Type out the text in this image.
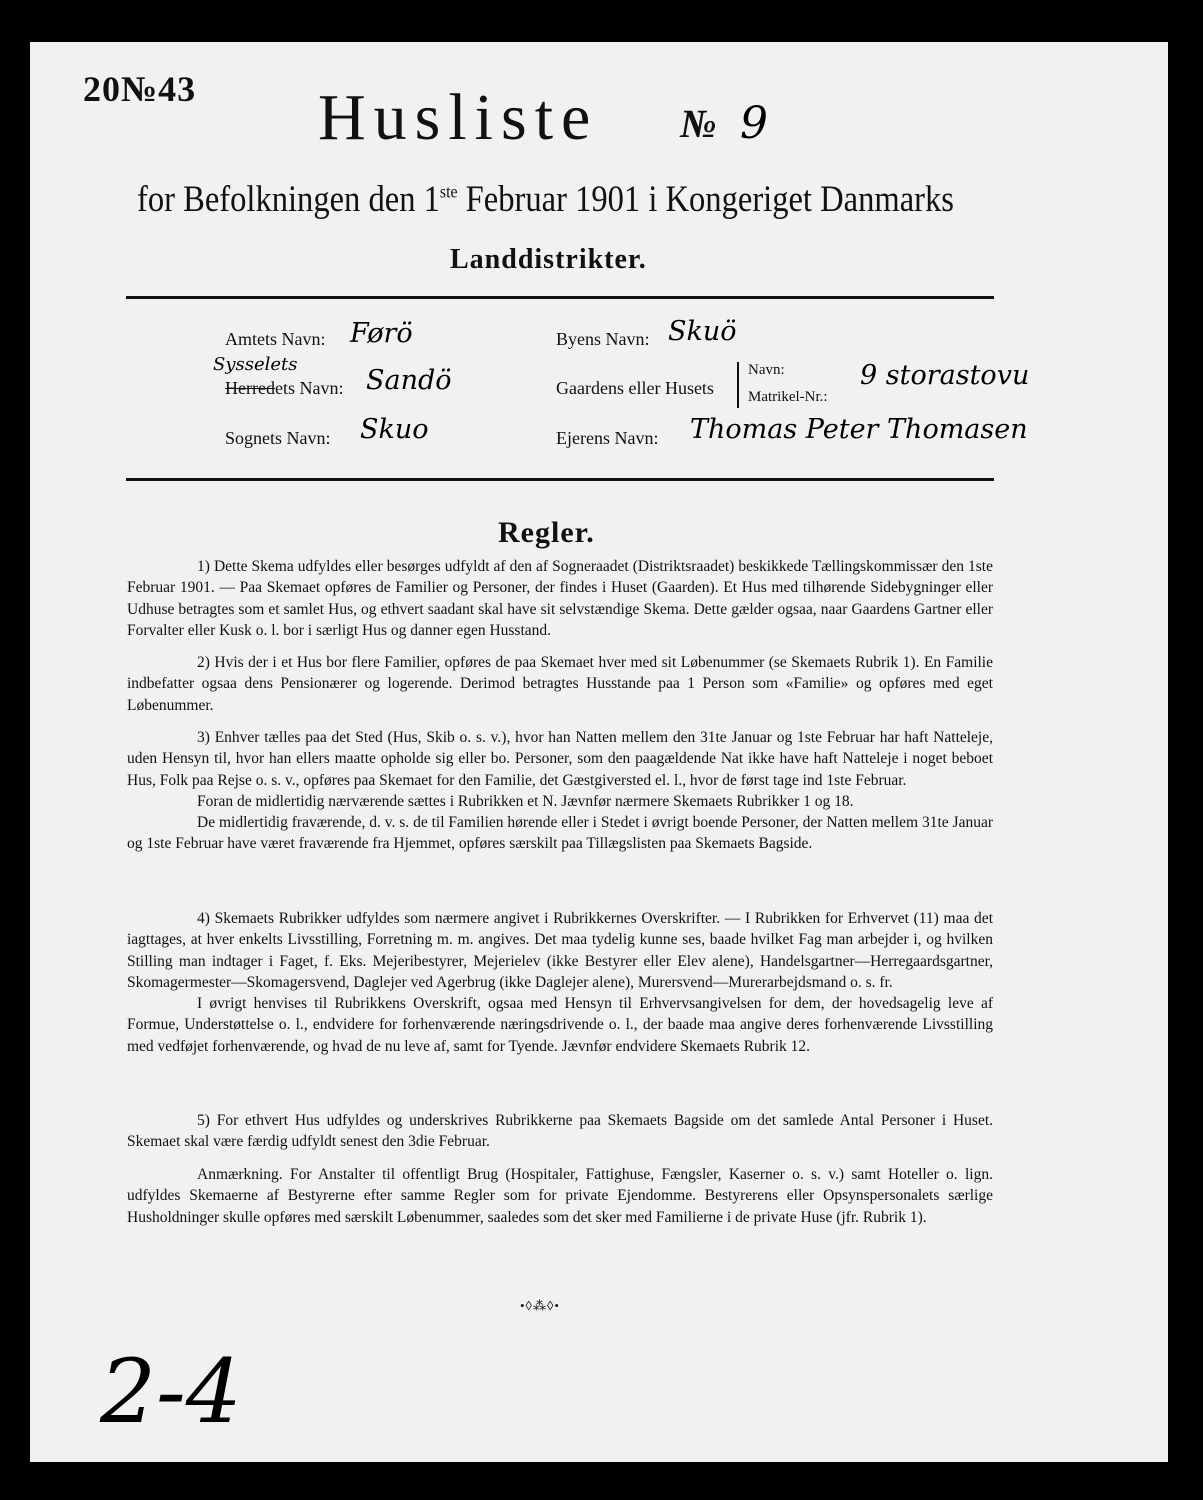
20№43 Husliste № 9
for Befolkningen den 1ste Februar 1901 i Kongeriget Danmarks
Landdistrikter.
Amtets Navn: Førö
Sysselets
Herredets Navn: Sandö
Sognets Navn: Skuo
Byens Navn: Skuö
Gaardens eller Husets
Navn:
Matrikel-Nr.:
9 storastovu
Ejerens Navn: Thomas Peter Thomasen
Regler.

1) Dette Skema udfyldes eller besørges udfyldt af den af Sogneraadet (Distriktsraadet) beskikkede Tællingskommissær den 1ste Februar 1901. — Paa Skemaet opføres de Familier og Personer, der findes i Huset (Gaarden). Et Hus med tilhørende Sidebygninger eller Udhuse betragtes som et samlet Hus, og ethvert saadant skal have sit selvstændige Skema. Dette gælder ogsaa, naar Gaardens Gartner eller Forvalter eller Kusk o. l. bor i særligt Hus og danner egen Husstand.

2) Hvis der i et Hus bor flere Familier, opføres de paa Skemaet hver med sit Løbenummer (se Skemaets Rubrik 1). En Familie indbefatter ogsaa dens Pensionærer og logerende. Derimod betragtes Husstande paa 1 Person som «Familie» og opføres med eget Løbenummer.

3) Enhver tælles paa det Sted (Hus, Skib o. s. v.), hvor han Natten mellem den 31te Januar og 1ste Februar har haft Natteleje, uden Hensyn til, hvor han ellers maatte opholde sig eller bo. Personer, som den paagældende Nat ikke have haft Natteleje i noget beboet Hus, Folk paa Rejse o. s. v., opføres paa Skemaet for den Familie, det Gæstgiversted el. l., hvor de først tage ind 1ste Februar.

Foran de midlertidig nærværende sættes i Rubrikken et N. Jævnfør nærmere Skemaets Rubrikker 1 og 18.

De midlertidig fraværende, d. v. s. de til Familien hørende eller i Stedet i øvrigt boende Personer, der Natten mellem 31te Januar og 1ste Februar have været fraværende fra Hjemmet, opføres særskilt paa Tillægslisten paa Skemaets Bagside.

4) Skemaets Rubrikker udfyldes som nærmere angivet i Rubrikkernes Overskrifter. — I Rubrikken for Erhvervet (11) maa det iagttages, at hver enkelts Livsstilling, Forretning m. m. angives. Det maa tydelig kunne ses, baade hvilket Fag man arbejder i, og hvilken Stilling man indtager i Faget, f. Eks. Mejeribestyrer, Mejerielev (ikke Bestyrer eller Elev alene), Handelsgartner—Herregaardsgartner, Skomagermester—Skomagersvend, Daglejer ved Agerbrug (ikke Daglejer alene), Murersvend—Murerarbejdsmand o. s. fr.

I øvrigt henvises til Rubrikkens Overskrift, ogsaa med Hensyn til Erhvervsangivelsen for dem, der hovedsagelig leve af Formue, Understøttelse o. l., endvidere for forhenværende næringsdrivende o. l., der baade maa angive deres forhenværende Livsstilling med vedføjet forhenværende, og hvad de nu leve af, samt for Tyende. Jævnfør endvidere Skemaets Rubrik 12.

5) For ethvert Hus udfyldes og underskrives Rubrikkerne paa Skemaets Bagside om det samlede Antal Personer i Huset. Skemaet skal være færdig udfyldt senest den 3die Februar.

Anmærkning. For Anstalter til offentligt Brug (Hospitaler, Fattighuse, Fængsler, Kaserner o. s. v.) samt Hoteller o. lign. udfyldes Skemaerne af Bestyrerne efter samme Regler som for private Ejendomme. Bestyrerens eller Opsynspersonalets særlige Husholdninger skulle opføres med særskilt Løbenummer, saaledes som det sker med Familierne i de private Huse (jfr. Rubrik 1).

•◊⁂◊•
2-4
